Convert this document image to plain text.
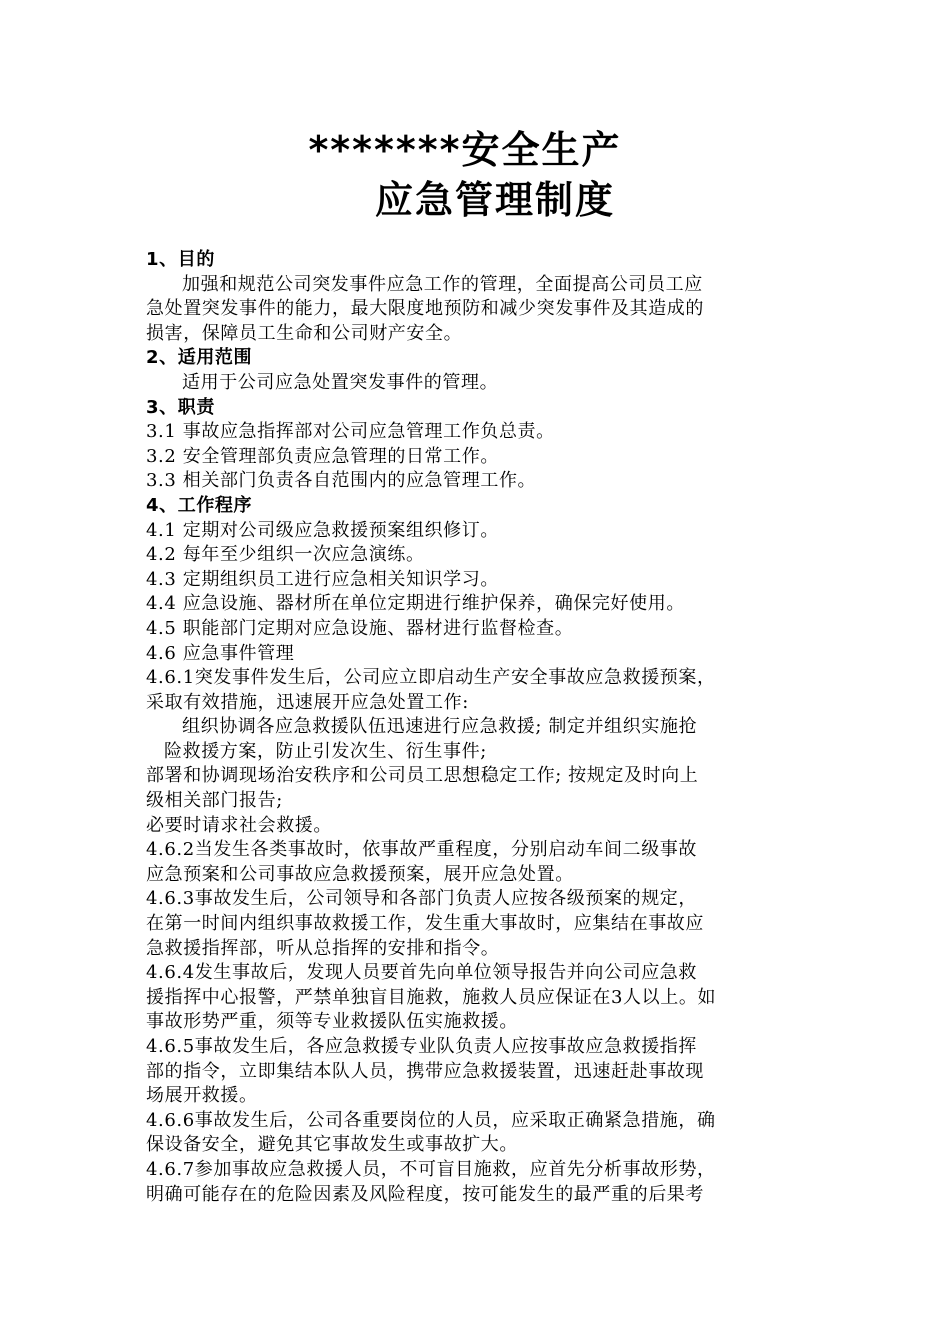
*******安全生产
应急管理制度
1、目的
加强和规范公司突发事件应急工作的管理，全面提高公司员工应
急处置突发事件的能力，最大限度地预防和减少突发事件及其造成的
损害，保障员工生命和公司财产安全。
2、适用范围
适用于公司应急处置突发事件的管理。
3、职责
3.1 事故应急指挥部对公司应急管理工作负总责。
3.2 安全管理部负责应急管理的日常工作。
3.3 相关部门负责各自范围内的应急管理工作。
4、工作程序
4.1 定期对公司级应急救援预案组织修订。
4.2 每年至少组织一次应急演练。
4.3 定期组织员工进行应急相关知识学习。
4.4 应急设施、器材所在单位定期进行维护保养，确保完好使用。
4.5 职能部门定期对应急设施、器材进行监督检查。
4.6 应急事件管理
4.6.1突发事件发生后，公司应立即启动生产安全事故应急救援预案，
采取有效措施，迅速展开应急处置工作:
组织协调各应急救援队伍迅速进行应急救援; 制定并组织实施抢
险救援方案，防止引发次生、衍生事件;
部署和协调现场治安秩序和公司员工思想稳定工作; 按规定及时向上
级相关部门报告;
必要时请求社会救援。
4.6.2当发生各类事故时，依事故严重程度，分别启动车间二级事故
应急预案和公司事故应急救援预案，展开应急处置。
4.6.3事故发生后，公司领导和各部门负责人应按各级预案的规定，
在第一时间内组织事故救援工作，发生重大事故时，应集结在事故应
急救援指挥部，听从总指挥的安排和指令。
4.6.4发生事故后，发现人员要首先向单位领导报告并向公司应急救
援指挥中心报警，严禁单独盲目施救，施救人员应保证在3人以上。如
事故形势严重，须等专业救援队伍实施救援。
4.6.5事故发生后，各应急救援专业队负责人应按事故应急救援指挥
部的指令，立即集结本队人员，携带应急救援装置，迅速赶赴事故现
场展开救援。
4.6.6事故发生后，公司各重要岗位的人员，应采取正确紧急措施，确
保设备安全，避免其它事故发生或事故扩大。
4.6.7参加事故应急救援人员，不可盲目施救，应首先分析事故形势，
明确可能存在的危险因素及风险程度，按可能发生的最严重的后果考
